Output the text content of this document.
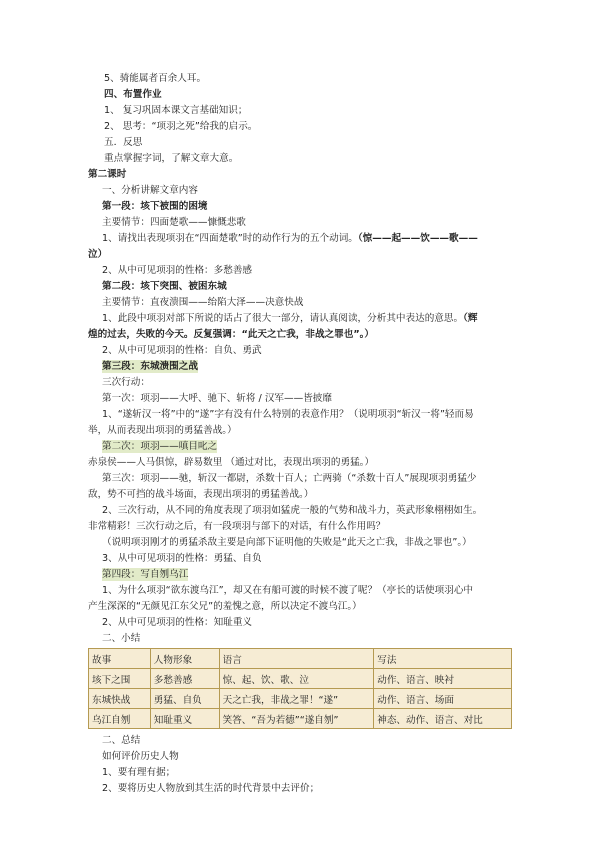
5、骑能属者百余人耳。
四、布置作业
1、 复习巩固本课文言基础知识；
2、 思考：“项羽之死”给我的启示。
五．反思
重点掌握字词，了解文章大意。
第二课时
一、分析讲解文章内容
第一段：垓下被围的困境
主要情节：四面楚歌——慷慨悲歌
1、请找出表现项羽在“四面楚歌”时的动作行为的五个动词。（惊——起——饮——歌——
泣）
2、从中可见项羽的性格：多愁善感
第二段：垓下突围、被困东城
主要情节：直夜溃围——绐陷大泽——决意快战
1、此段中项羽对部下所说的话占了很大一部分，请认真阅读，分析其中表达的意思。（辉
煌的过去，失败的今天。反复强调：“此天之亡我，非战之罪也”。）
2、从中可见项羽的性格：自负、勇武
第三段：东城溃围之战
三次行动：
第一次：项羽——大呼、驰下、斩将 / 汉军——皆披靡
1、“遂斩汉一将”中的“遂”字有没有什么特别的表意作用？（说明项羽“斩汉一将”轻而易
举，从而表现出项羽的勇猛善战。）
第二次：项羽——嗔目叱之
赤泉侯——人马俱惊，辟易数里 （通过对比，表现出项羽的勇猛。）
第三次：项羽——驰，斩汉一都尉，杀数十百人；亡两骑（“杀数十百人”展现项羽勇猛少
敌，势不可挡的战斗场面，表现出项羽的勇猛善战。）
2、三次行动，从不同的角度表现了项羽如猛虎一般的气势和战斗力，英武形象栩栩如生。
非常精彩！三次行动之后，有一段项羽与部下的对话，有什么作用吗？
（说明项羽刚才的勇猛杀敌主要是向部下证明他的失败是“此天之亡我，非战之罪也”。）
3、从中可见项羽的性格：勇猛、自负
第四段：写自刎乌江
1、为什么项羽“欲东渡乌江”，却又在有船可渡的时候不渡了呢？（亭长的话使项羽心中
产生深深的“无颜见江东父兄”的羞愧之意，所以决定不渡乌江。）
2、从中可见项羽的性格：知耻重义
二、小结
故事	人物形象	语言	写法
垓下之围	多愁善感	惊、起、饮、歌、泣	动作、语言、映衬
东城快战	勇猛、自负	天之亡我，非战之罪！“遂”	动作、语言、场面
乌江自刎	知耻重义	笑答、“吾为若德”“遂自刎”	神态、动作、语言、对比
二、总结
如何评价历史人物
1、要有理有据；
2、要将历史人物放到其生活的时代背景中去评价；
